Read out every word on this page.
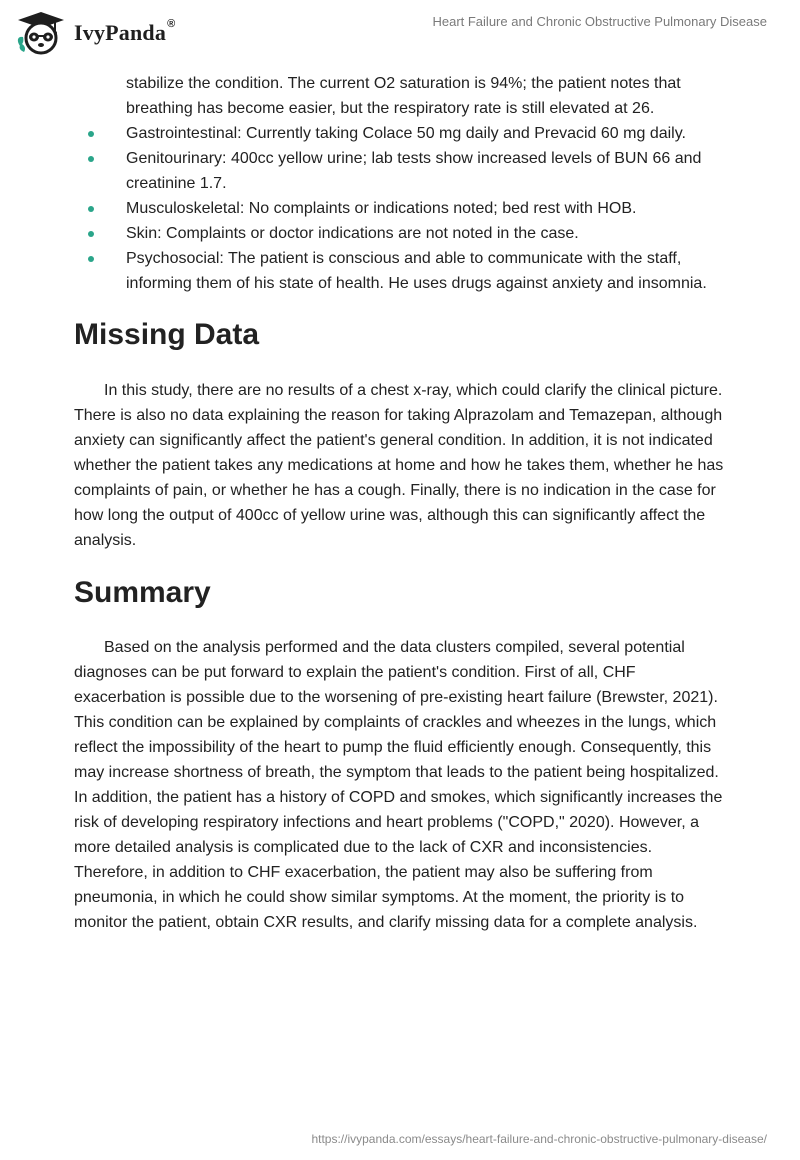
IvyPanda®	Heart Failure and Chronic Obstructive Pulmonary Disease
stabilize the condition. The current O2 saturation is 94%; the patient notes that breathing has become easier, but the respiratory rate is still elevated at 26.
Gastrointestinal: Currently taking Colace 50 mg daily and Prevacid 60 mg daily.
Genitourinary: 400cc yellow urine; lab tests show increased levels of BUN 66 and creatinine 1.7.
Musculoskeletal: No complaints or indications noted; bed rest with HOB.
Skin: Complaints or doctor indications are not noted in the case.
Psychosocial: The patient is conscious and able to communicate with the staff, informing them of his state of health. He uses drugs against anxiety and insomnia.
Missing Data

In this study, there are no results of a chest x-ray, which could clarify the clinical picture. There is also no data explaining the reason for taking Alprazolam and Temazepan, although anxiety can significantly affect the patient's general condition. In addition, it is not indicated whether the patient takes any medications at home and how he takes them, whether he has complaints of pain, or whether he has a cough. Finally, there is no indication in the case for how long the output of 400cc of yellow urine was, although this can significantly affect the analysis.

Summary

Based on the analysis performed and the data clusters compiled, several potential diagnoses can be put forward to explain the patient's condition. First of all, CHF exacerbation is possible due to the worsening of pre-existing heart failure (Brewster, 2021). This condition can be explained by complaints of crackles and wheezes in the lungs, which reflect the impossibility of the heart to pump the fluid efficiently enough. Consequently, this may increase shortness of breath, the symptom that leads to the patient being hospitalized. In addition, the patient has a history of COPD and smokes, which significantly increases the risk of developing respiratory infections and heart problems ("COPD," 2020). However, a more detailed analysis is complicated due to the lack of CXR and inconsistencies. Therefore, in addition to CHF exacerbation, the patient may also be suffering from pneumonia, in which he could show similar symptoms. At the moment, the priority is to monitor the patient, obtain CXR results, and clarify missing data for a complete analysis.

https://ivypanda.com/essays/heart-failure-and-chronic-obstructive-pulmonary-disease/
